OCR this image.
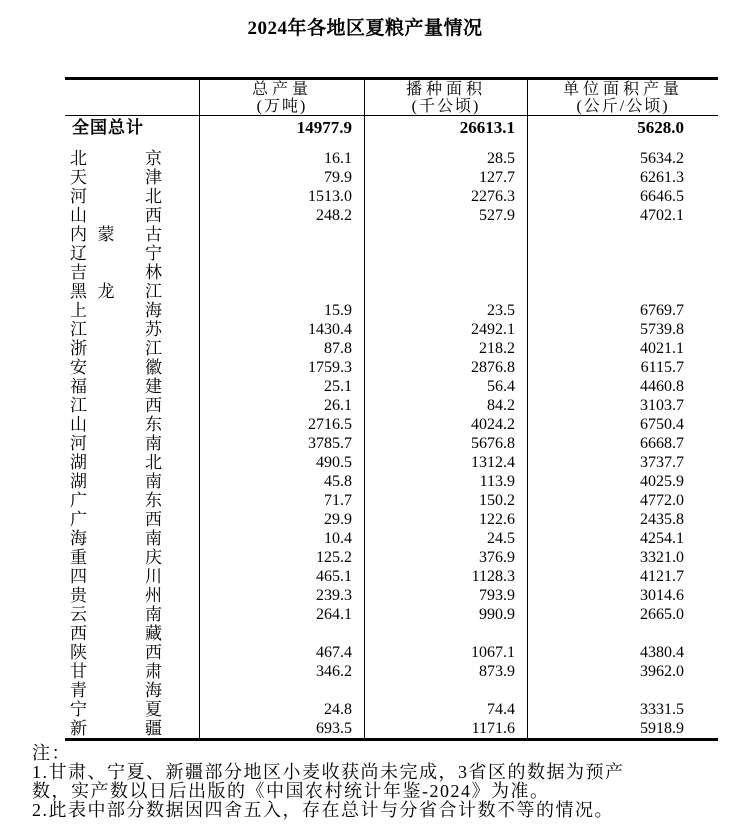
2024年各地区夏粮产量情况
总产量
(万吨)
播种面积
(千公顷)
单位面积产量
(公斤/公顷)
全国总计	14977.9	26613.1	5628.0
北	京	16.1	28.5	5634.2
天	津	79.9	127.7	6261.3
河	北	1513.0	2276.3	6646.5
山	西	248.2	527.9	4702.1
内 蒙 古
辽	宁
吉	林
黑 龙 江
上	海	15.9	23.5	6769.7
江	苏	1430.4	2492.1	5739.8
浙	江	87.8	218.2	4021.1
安	徽	1759.3	2876.8	6115.7
福	建	25.1	56.4	4460.8
江	西	26.1	84.2	3103.7
山	东	2716.5	4024.2	6750.4
河	南	3785.7	5676.8	6668.7
湖	北	490.5	1312.4	3737.7
湖	南	45.8	113.9	4025.9
广	东	71.7	150.2	4772.0
广	西	29.9	122.6	2435.8
海	南	10.4	24.5	4254.1
重	庆	125.2	376.9	3321.0
四	川	465.1	1128.3	4121.7
贵	州	239.3	793.9	3014.6
云	南	264.1	990.9	2665.0
西	藏
陕	西	467.4	1067.1	4380.4
甘	肃	346.2	873.9	3962.0
青	海
宁	夏	24.8	74.4	3331.5
新	疆	693.5	1171.6	5918.9
注：
1.甘肃、宁夏、新疆部分地区小麦收获尚未完成，3省区的数据为预产
数，实产数以日后出版的《中国农村统计年鉴-2024》为准。
2.此表中部分数据因四舍五入，存在总计与分省合计数不等的情况。
